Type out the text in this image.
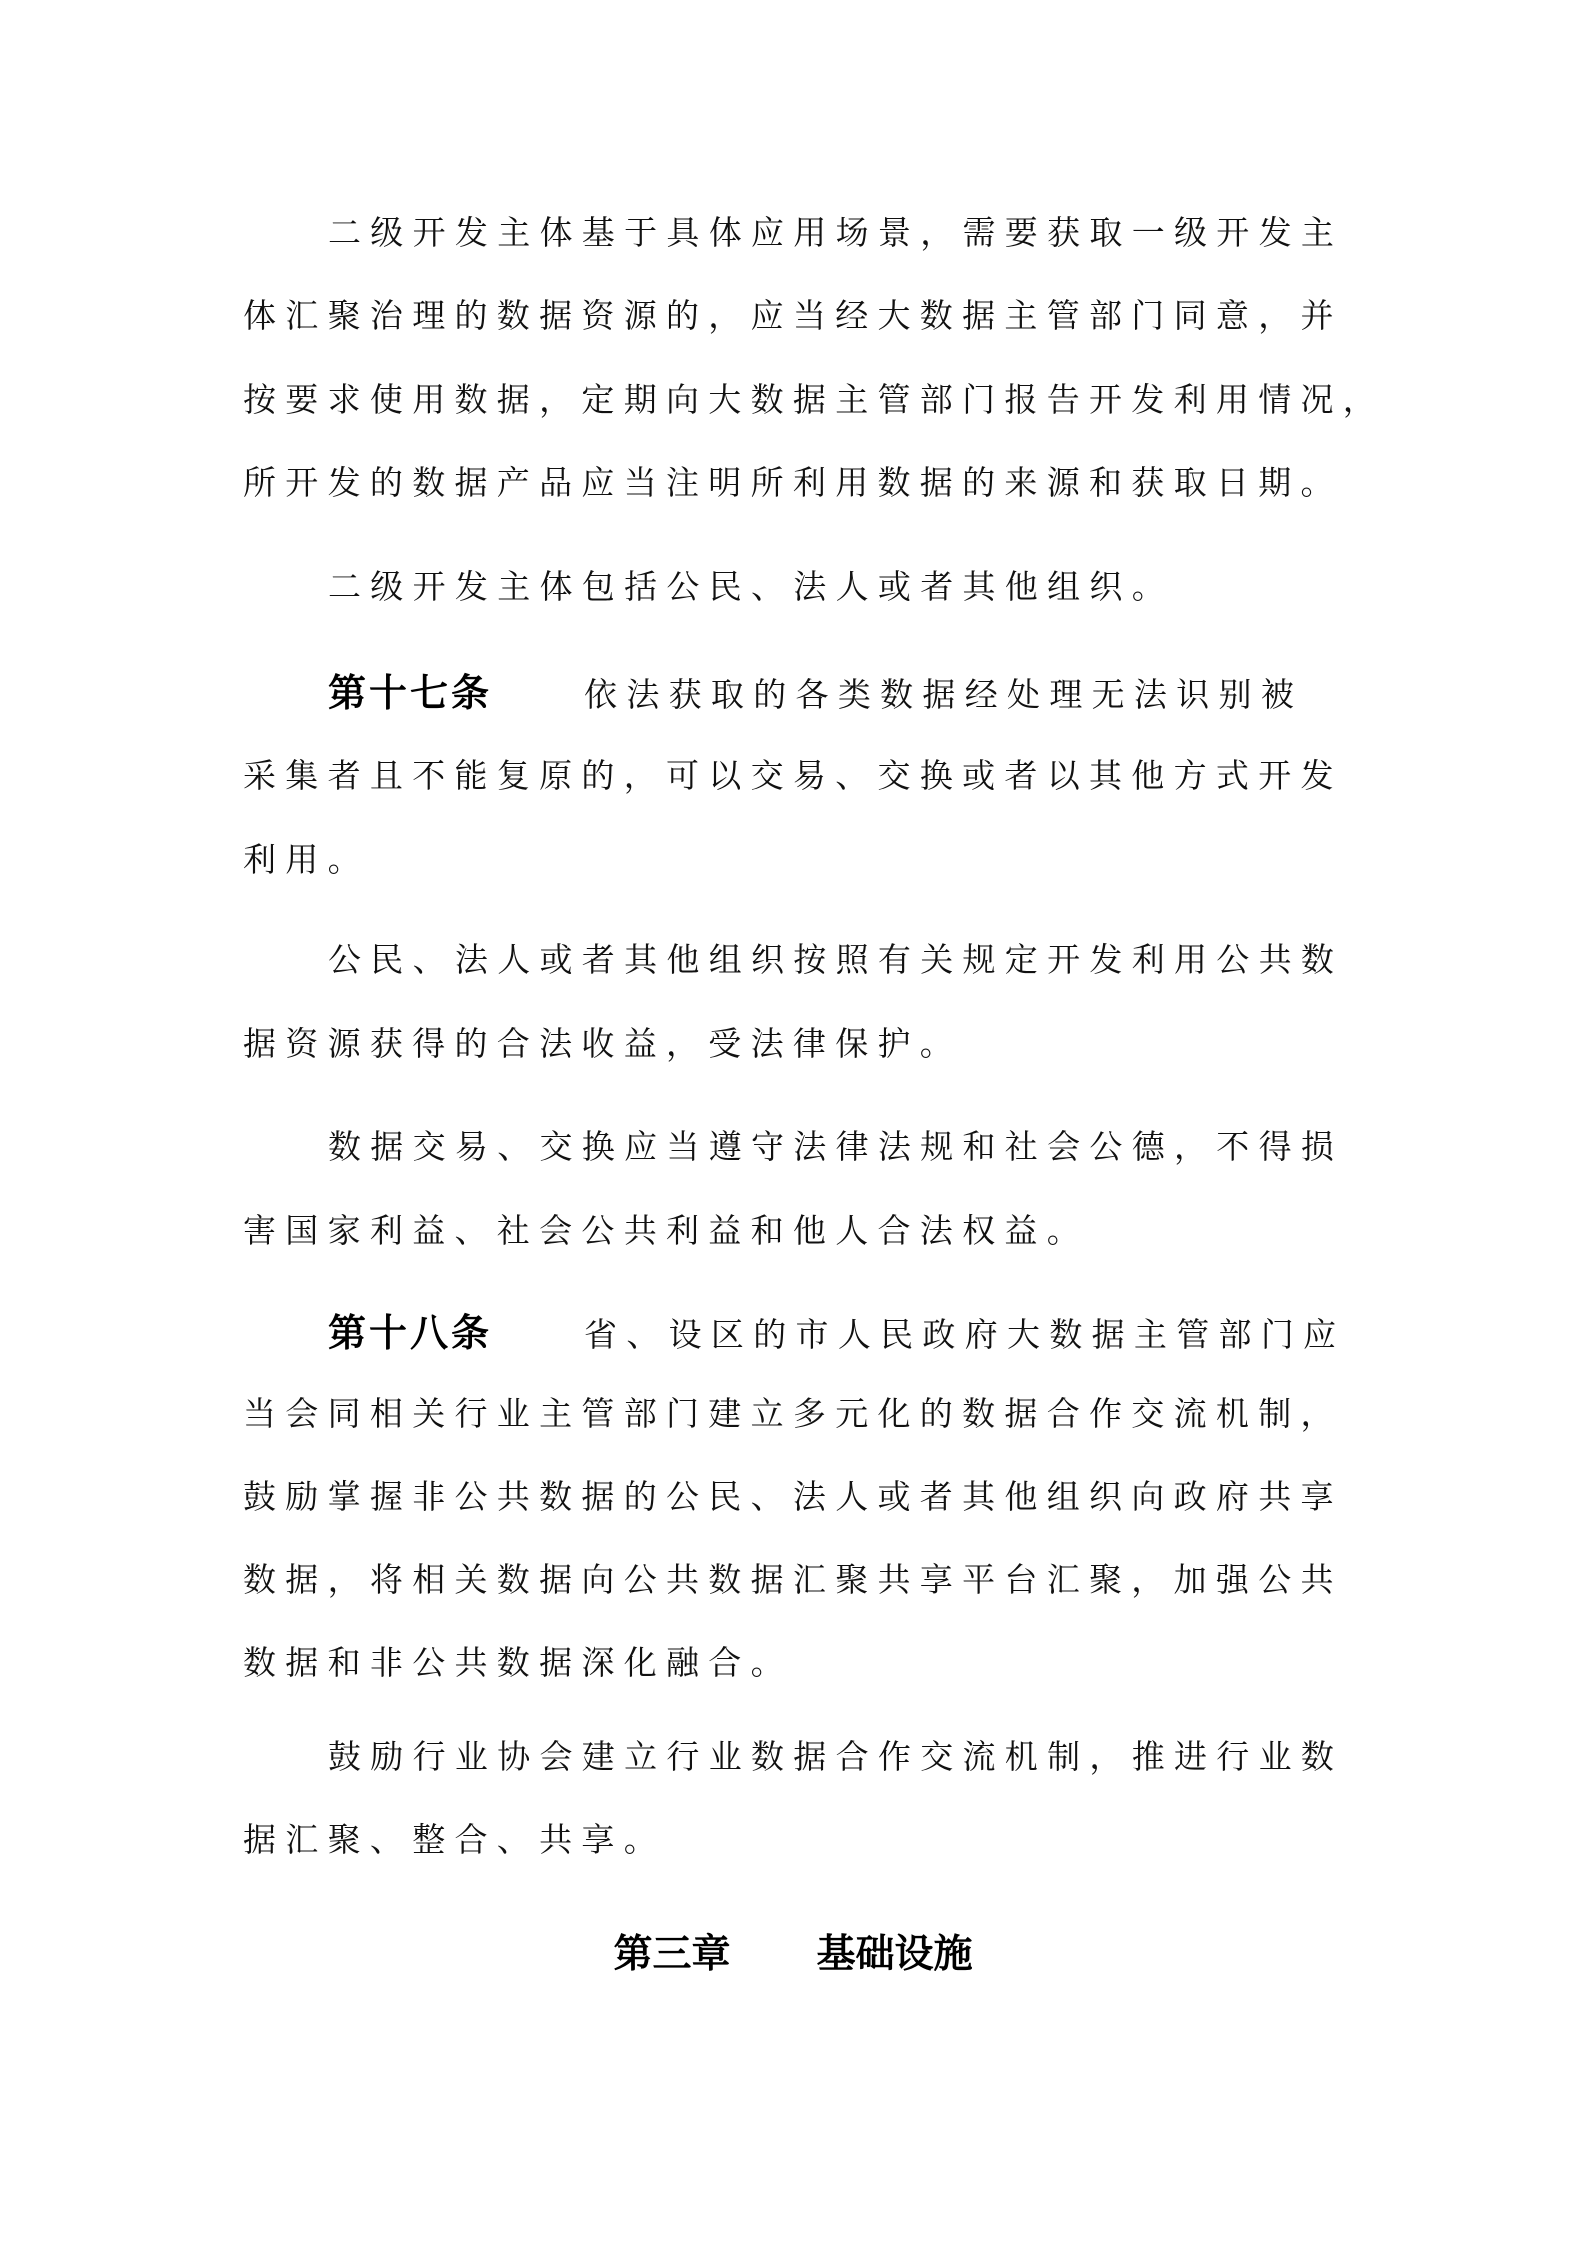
二级开发主体基于具体应用场景，需要获取一级开发主
体汇聚治理的数据资源的，应当经大数据主管部门同意，并
按要求使用数据，定期向大数据主管部门报告开发利用情况，
所开发的数据产品应当注明所利用数据的来源和获取日期。
二级开发主体包括公民、法人或者其他组织。
第十七条	依法获取的各类数据经处理无法识别被
采集者且不能复原的，可以交易、交换或者以其他方式开发
利用。
公民、法人或者其他组织按照有关规定开发利用公共数
据资源获得的合法收益，受法律保护。
数据交易、交换应当遵守法律法规和社会公德，不得损
害国家利益、社会公共利益和他人合法权益。
第十八条	省、设区的市人民政府大数据主管部门应
当会同相关行业主管部门建立多元化的数据合作交流机制，
鼓励掌握非公共数据的公民、法人或者其他组织向政府共享
数据，将相关数据向公共数据汇聚共享平台汇聚，加强公共
数据和非公共数据深化融合。
鼓励行业协会建立行业数据合作交流机制，推进行业数
据汇聚、整合、共享。
第三章 基础设施
